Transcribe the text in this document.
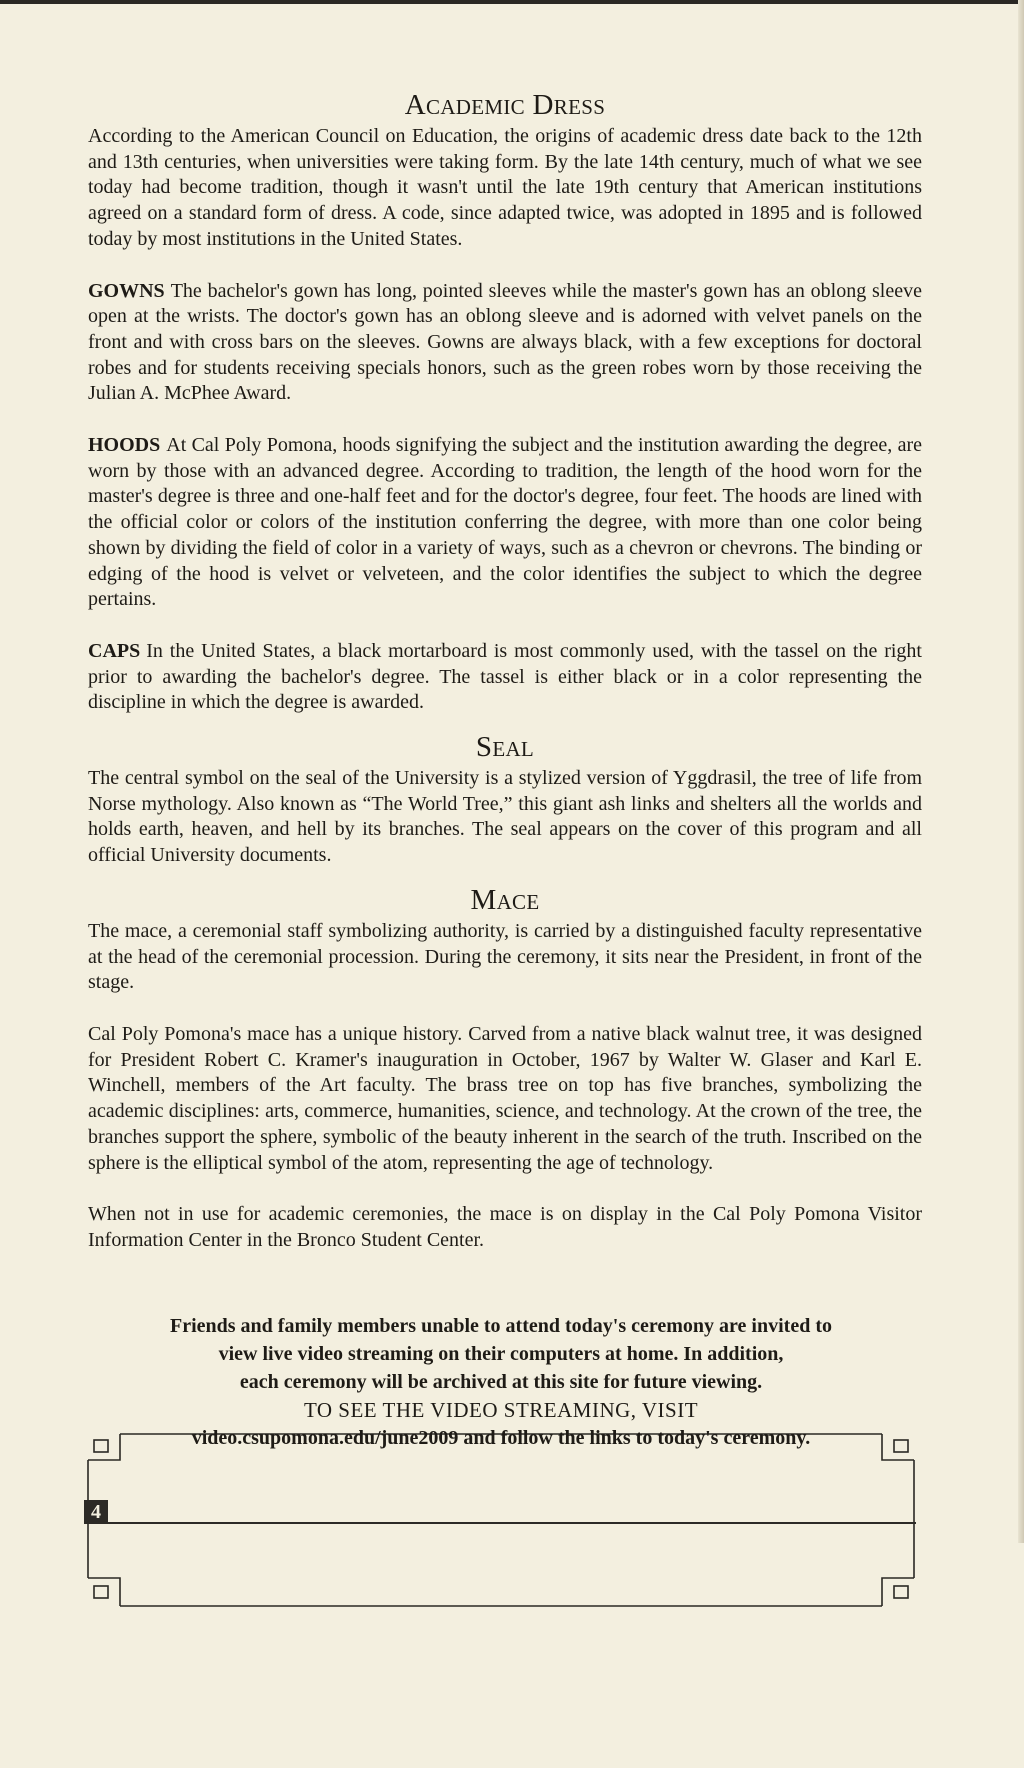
ACADEMIC DRESS

According to the American Council on Education, the origins of academic dress date back to the 12th and 13th centuries, when universities were taking form. By the late 14th century, much of what we see today had become tradition, though it wasn't until the late 19th century that American institutions agreed on a standard form of dress. A code, since adapted twice, was adopted in 1895 and is followed today by most institutions in the United States.

GOWNS The bachelor's gown has long, pointed sleeves while the master's gown has an oblong sleeve open at the wrists. The doctor's gown has an oblong sleeve and is adorned with velvet panels on the front and with cross bars on the sleeves. Gowns are always black, with a few exceptions for doctoral robes and for students receiving specials honors, such as the green robes worn by those receiving the Julian A. McPhee Award.

HOODS At Cal Poly Pomona, hoods signifying the subject and the institution awarding the degree, are worn by those with an advanced degree. According to tradition, the length of the hood worn for the master's degree is three and one-half feet and for the doctor's degree, four feet. The hoods are lined with the official color or colors of the institution conferring the degree, with more than one color being shown by dividing the field of color in a variety of ways, such as a chevron or chevrons. The binding or edging of the hood is velvet or velveteen, and the color identifies the subject to which the degree pertains.

CAPS In the United States, a black mortarboard is most commonly used, with the tassel on the right prior to awarding the bachelor's degree. The tassel is either black or in a color representing the discipline in which the degree is awarded.

SEAL

The central symbol on the seal of the University is a stylized version of Yggdrasil, the tree of life from Norse mythology. Also known as “The World Tree,” this giant ash links and shelters all the worlds and holds earth, heaven, and hell by its branches. The seal appears on the cover of this program and all official University documents.

MACE

The mace, a ceremonial staff symbolizing authority, is carried by a distinguished faculty representative at the head of the ceremonial procession. During the ceremony, it sits near the President, in front of the stage.

Cal Poly Pomona's mace has a unique history. Carved from a native black walnut tree, it was designed for President Robert C. Kramer's inauguration in October, 1967 by Walter W. Glaser and Karl E. Winchell, members of the Art faculty. The brass tree on top has five branches, symbolizing the academic disciplines: arts, commerce, humanities, science, and technology. At the crown of the tree, the branches support the sphere, symbolic of the beauty inherent in the search of the truth. Inscribed on the sphere is the elliptical symbol of the atom, representing the age of technology.

When not in use for academic ceremonies, the mace is on display in the Cal Poly Pomona Visitor Information Center in the Bronco Student Center.

Friends and family members unable to attend today's ceremony are invited to
view live video streaming on their computers at home. In addition,
each ceremony will be archived at this site for future viewing.
TO SEE THE VIDEO STREAMING, VISIT
video.csupomona.edu/june2009 and follow the links to today's ceremony.
4
